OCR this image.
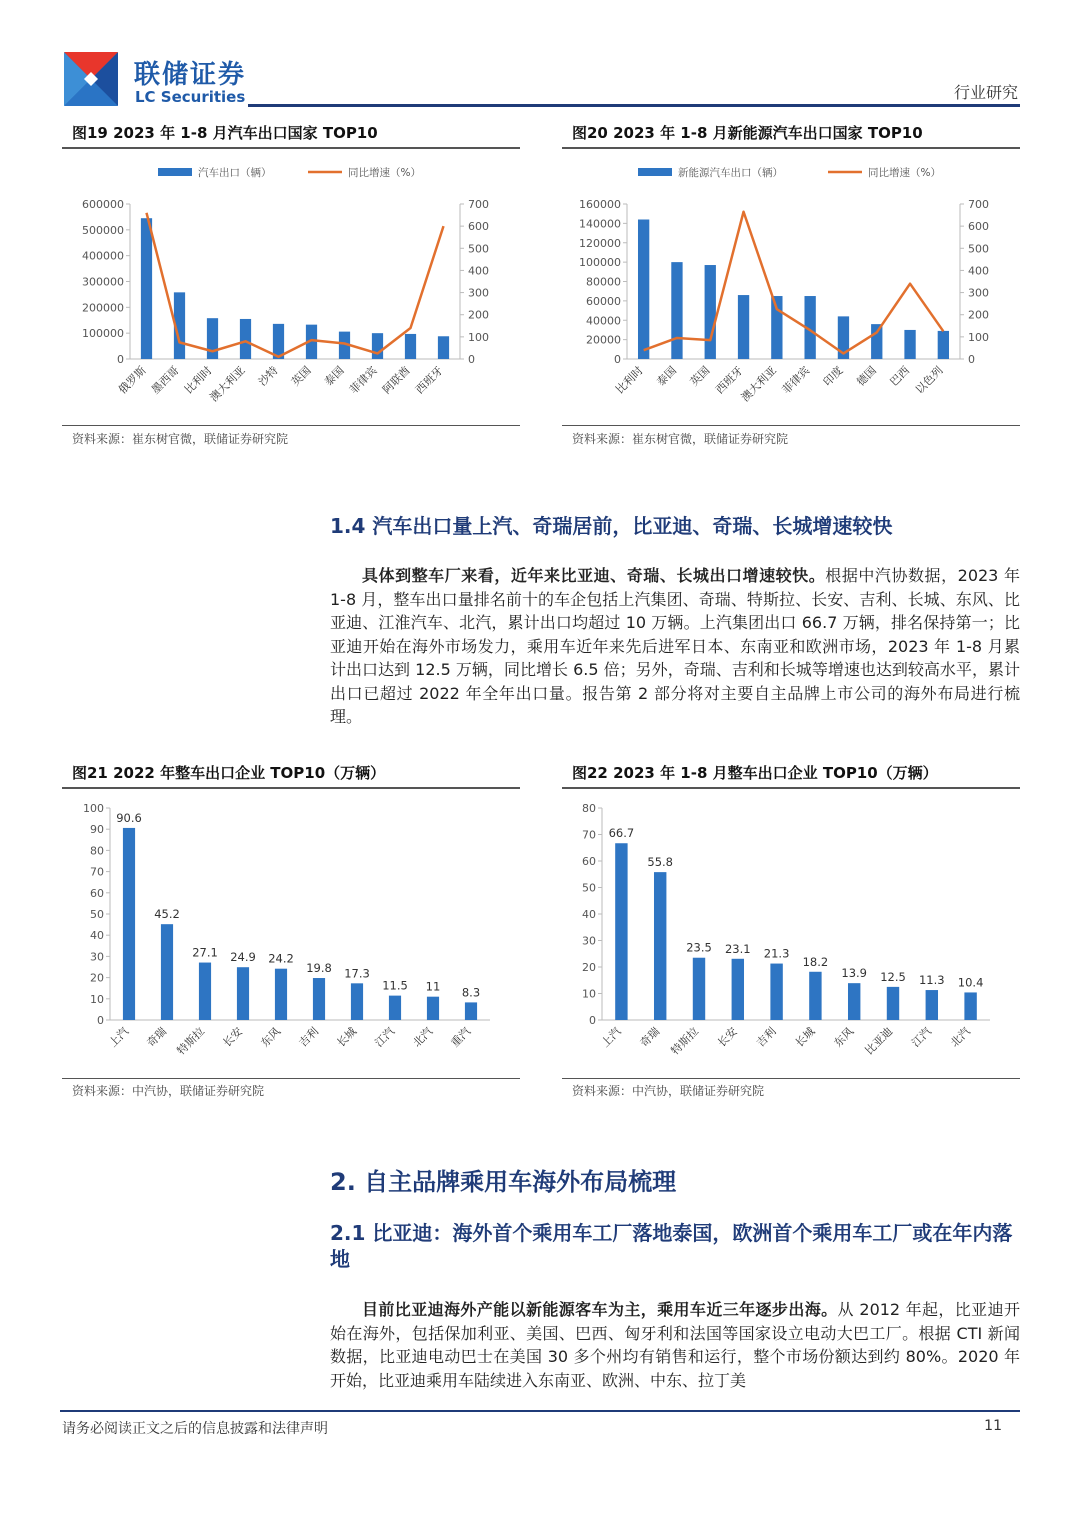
联储证券
LC Securities	行业研究
图19 2023 年 1-8 月汽车出口国家 TOP10
汽车出口（辆）	同比增速（%）
0
100000
200000
300000
400000
500000
600000
0
100
200
300
400
500
600
700
俄罗斯 墨西哥 比利时
澳大利亚 沙特 英国 泰国 菲律宾 阿联酋 西班牙
资料来源：崔东树官微，联储证券研究院
图20 2023 年 1-8 月新能源汽车出口国家 TOP10
新能源汽车出口（辆）	同比增速（%）
0
20000
40000
60000
80000
100000
120000
140000
160000
0
100
200
300
400
500
600
700
比利时 泰国 英国 西班牙
澳大利亚 菲律宾 印度 德国 巴西 以色列
资料来源：崔东树官微，联储证券研究院
1.4 汽车出口量上汽、奇瑞居前，比亚迪、奇瑞、长城增速较快
具体到整车厂来看，近年来比亚迪、奇瑞、长城出口增速较快。根据中汽协数据，2023 年 1-8 月，整车出口量排名前十的车企包括上汽集团、奇瑞、特斯拉、长安、吉利、长城、东风、比亚迪、江淮汽车、北汽，累计出口均超过 10 万辆。上汽集团出口 66.7 万辆，排名保持第一；比亚迪开始在海外市场发力，乘用车近年来先后进军日本、东南亚和欧洲市场，2023 年 1-8 月累计出口达到 12.5 万辆，同比增长 6.5 倍；另外，奇瑞、吉利和长城等增速也达到较高水平，累计出口已超过 2022 年全年出口量。报告第 2 部分将对主要自主品牌上市公司的海外布局进行梳理。
图21 2022 年整车出口企业 TOP10（万辆）
0
10
20
30
40
50
60
70
80
90
100
90.6
上汽
45.2
奇瑞
27.1
特斯拉
24.9
长安
24.2
东风
19.8
吉利
17.3
长城
11.5
江汽
11
北汽
8.3
重汽
资料来源：中汽协，联储证券研究院
图22 2023 年 1-8 月整车出口企业 TOP10（万辆）
0
10
20
30
40
50
60
70
80
66.7
上汽
55.8
奇瑞
23.5
特斯拉
23.1
长安
21.3
吉利
18.2
长城
13.9
东风
12.5
比亚迪
11.3
江汽
10.4
北汽
资料来源：中汽协，联储证券研究院
2. 自主品牌乘用车海外布局梳理
2.1 比亚迪：海外首个乘用车工厂落地泰国，欧洲首个乘用车工厂或在年内落地
目前比亚迪海外产能以新能源客车为主，乘用车近三年逐步出海。从 2012 年起，比亚迪开始在海外，包括保加利亚、美国、巴西、匈牙利和法国等国家设立电动大巴工厂。根据 CTI 新闻数据，比亚迪电动巴士在美国 30 多个州均有销售和运行，整个市场份额达到约 80%。2020 年开始，比亚迪乘用车陆续进入东南亚、欧洲、中东、拉丁美
请务必阅读正文之后的信息披露和法律声明	11
